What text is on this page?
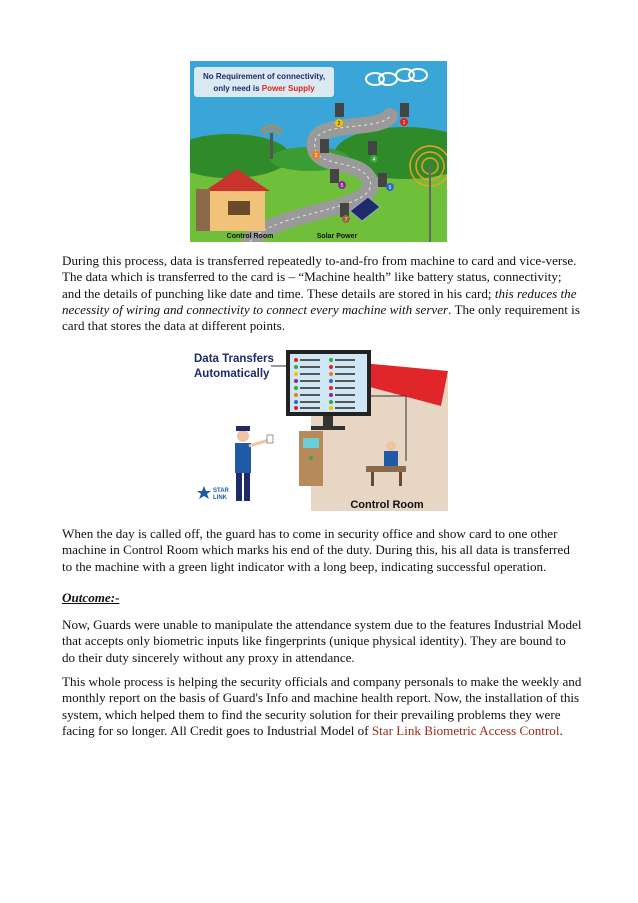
No Requirement of connectivity,
only need is Power Supply
2	1
3
4
5	6
7
Control Room	Solar Power

During this process, data is transferred repeatedly to-and-fro from machine to card and vice-verse. The data which is transferred to the card is – “Machine health” like battery status, connectivity; and the details of punching like date and time. These details are stored in his card; this reduces the necessity of wiring and connectivity to connect every machine with server. The only requirement is card that stores the data at different points.

Data Transfers
Automatically
STAR
LINK
Control Room

When the day is called off, the guard has to come in security office and show card to one other machine in Control Room which marks his end of the duty. During this, his all data is transferred to the machine with a green light indicator with a long beep, indicating successful operation.

Outcome:-

Now, Guards were unable to manipulate the attendance system due to the features Industrial Model that accepts only biometric inputs like fingerprints (unique physical identity). They are bound to do their duty sincerely without any proxy in attendance.

This whole process is helping the security officials and company personals to make the weekly and monthly report on the basis of Guard's Info and machine health report. Now, the installation of this system, which helped them to find the security solution for their prevailing problems they were facing for so longer. All Credit goes to Industrial Model of Star Link Biometric Access Control.
